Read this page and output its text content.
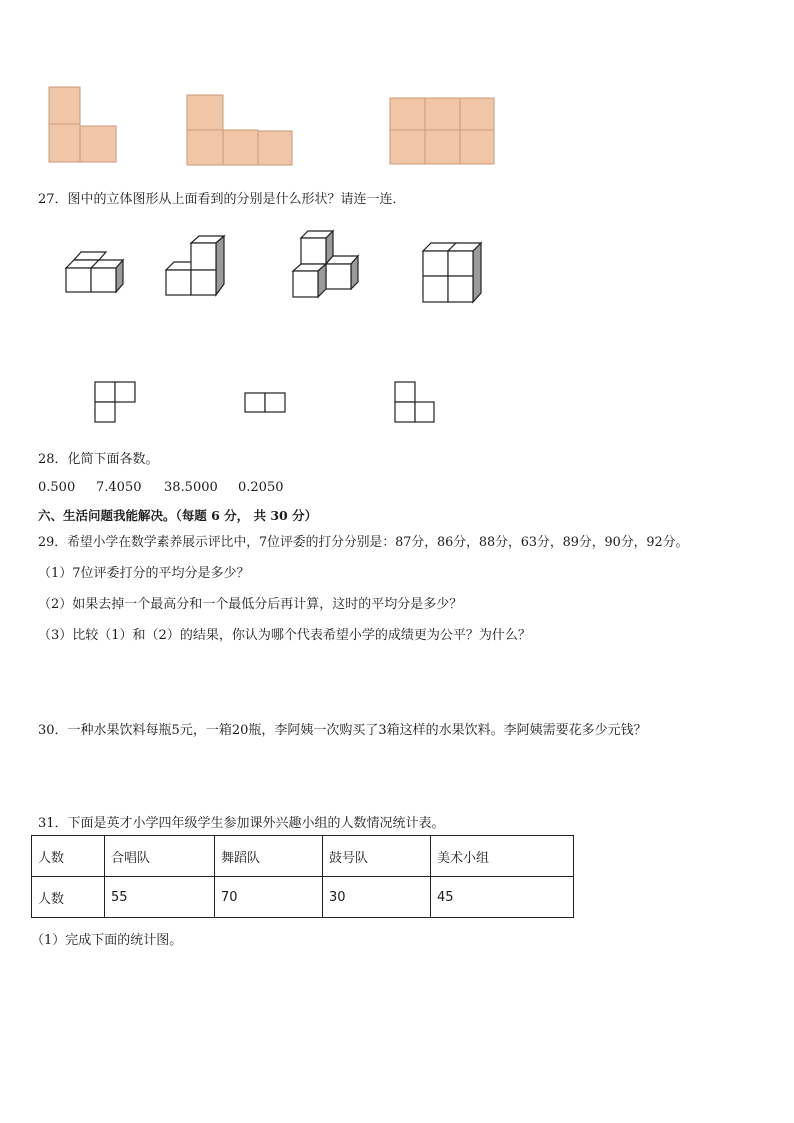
27．图中的立体图形从上面看到的分别是什么形状？请连一连．
28．化简下面各数。
0.500 7.4050 38.5000 0.2050
六、生活问题我能解决。（每题 6 分， 共 30 分）
29．希望小学在数学素养展示评比中，7位评委的打分分别是：87分，86分，88分，63分，89分，90分，92分。
（1）7位评委打分的平均分是多少？
（2）如果去掉一个最高分和一个最低分后再计算，这时的平均分是多少？
（3）比较（1）和（2）的结果，你认为哪个代表希望小学的成绩更为公平？为什么？
30．一种水果饮料每瓶5元，一箱20瓶，李阿姨一次购买了3箱这样的水果饮料。李阿姨需要花多少元钱？
31．下面是英才小学四年级学生参加课外兴趣小组的人数情况统计表。
人数	合唱队	舞蹈队	鼓号队	美术小组
人数	55	70	30	45
（1）完成下面的统计图。
